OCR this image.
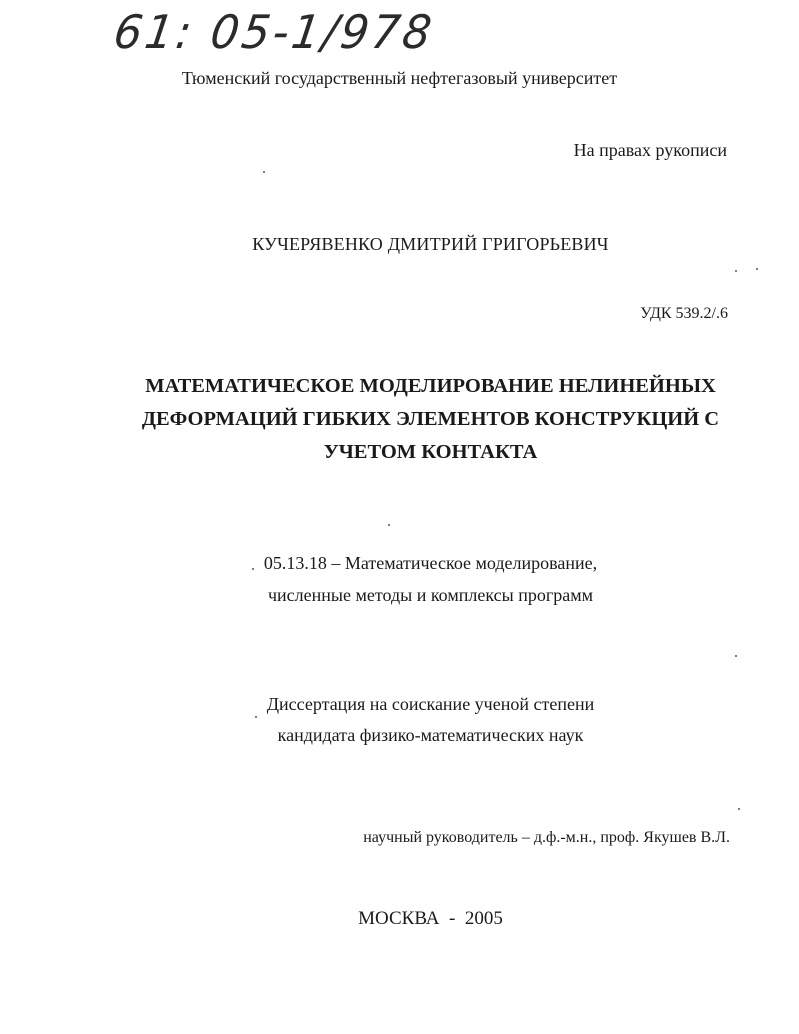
61: 05-1/978
Тюменский государственный нефтегазовый университет
На правах рукописи
КУЧЕРЯВЕНКО ДМИТРИЙ ГРИГОРЬЕВИЧ
УДК 539.2/.6
МАТЕМАТИЧЕСКОЕ МОДЕЛИРОВАНИЕ НЕЛИНЕЙНЫХ
ДЕФОРМАЦИЙ ГИБКИХ ЭЛЕМЕНТОВ КОНСТРУКЦИЙ С
УЧЕТОМ КОНТАКТА
05.13.18 – Математическое моделирование,
численные методы и комплексы программ
Диссертация на соискание ученой степени
кандидата физико-математических наук
научный руководитель – д.ф.-м.н., проф. Якушев В.Л.
МОСКВА  -  2005
